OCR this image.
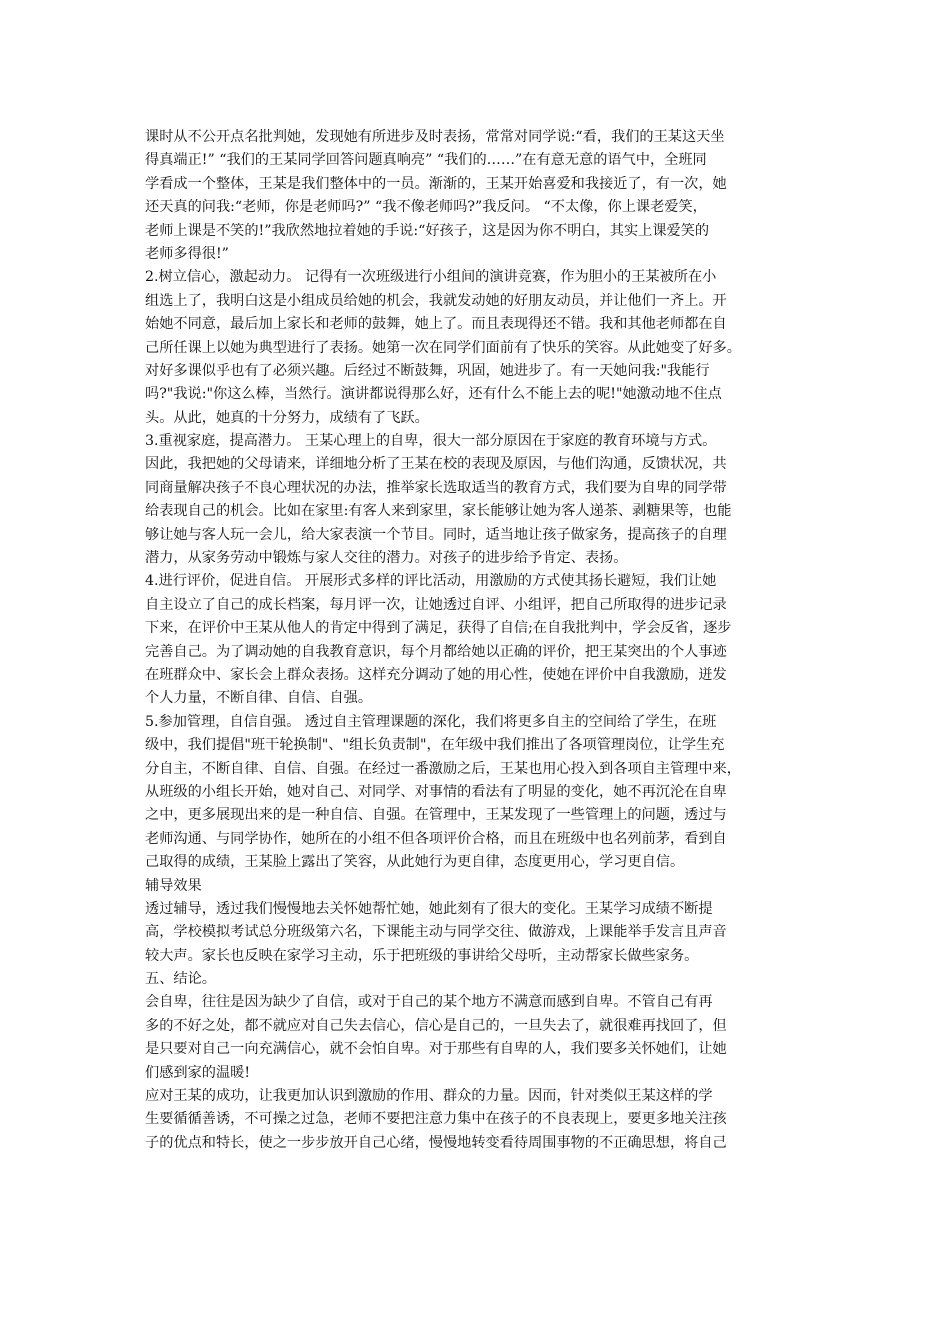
课时从不公开点名批判她，发现她有所进步及时表扬，常常对同学说:“看，我们的王某这天坐
得真端正!” “我们的王某同学回答问题真响亮” “我们的……”在有意无意的语气中，全班同
学看成一个整体，王某是我们整体中的一员。渐渐的，王某开始喜爱和我接近了，有一次，她
还天真的问我:“老师，你是老师吗?” “我不像老师吗?”我反问。 “不太像，你上课老爱笑，
老师上课是不笑的!”我欣然地拉着她的手说:“好孩子，这是因为你不明白，其实上课爱笑的
老师多得很!”
2.树立信心，激起动力。 记得有一次班级进行小组间的演讲竞赛，作为胆小的王某被所在小
组选上了，我明白这是小组成员给她的机会，我就发动她的好朋友动员，并让他们一齐上。开
始她不同意，最后加上家长和老师的鼓舞，她上了。而且表现得还不错。我和其他老师都在自
己所任课上以她为典型进行了表扬。她第一次在同学们面前有了快乐的笑容。从此她变了好多。
对好多课似乎也有了必须兴趣。后经过不断鼓舞，巩固，她进步了。有一天她问我:"我能行
吗?"我说:"你这么棒，当然行。演讲都说得那么好，还有什么不能上去的呢!"她激动地不住点
头。从此，她真的十分努力，成绩有了飞跃。
3.重视家庭，提高潜力。 王某心理上的自卑，很大一部分原因在于家庭的教育环境与方式。
因此，我把她的父母请来，详细地分析了王某在校的表现及原因，与他们沟通，反馈状况，共
同商量解决孩子不良心理状况的办法，推举家长选取适当的教育方式，我们要为自卑的同学带
给表现自己的机会。比如在家里:有客人来到家里，家长能够让她为客人递茶、剥糖果等，也能
够让她与客人玩一会儿，给大家表演一个节目。同时，适当地让孩子做家务，提高孩子的自理
潜力，从家务劳动中锻炼与家人交往的潜力。对孩子的进步给予肯定、表扬。
4.进行评价，促进自信。 开展形式多样的评比活动，用激励的方式使其扬长避短，我们让她
自主设立了自己的成长档案，每月评一次，让她透过自评、小组评，把自己所取得的进步记录
下来，在评价中王某从他人的肯定中得到了满足，获得了自信;在自我批判中，学会反省，逐步
完善自己。为了调动她的自我教育意识，每个月都给她以正确的评价，把王某突出的个人事迹
在班群众中、家长会上群众表扬。这样充分调动了她的用心性，使她在评价中自我激励，迸发
个人力量，不断自律、自信、自强。
5.参加管理，自信自强。 透过自主管理课题的深化，我们将更多自主的空间给了学生，在班
级中，我们提倡"班干轮换制"、"组长负责制"，在年级中我们推出了各项管理岗位，让学生充
分自主，不断自律、自信、自强。在经过一番激励之后，王某也用心投入到各项自主管理中来，
从班级的小组长开始，她对自己、对同学、对事情的看法有了明显的变化，她不再沉沦在自卑
之中，更多展现出来的是一种自信、自强。在管理中，王某发现了一些管理上的问题，透过与
老师沟通、与同学协作，她所在的小组不但各项评价合格，而且在班级中也名列前茅，看到自
己取得的成绩，王某脸上露出了笑容，从此她行为更自律，态度更用心，学习更自信。
辅导效果
透过辅导，透过我们慢慢地去关怀她帮忙她，她此刻有了很大的变化。王某学习成绩不断提
高，学校模拟考试总分班级第六名，下课能主动与同学交往、做游戏，上课能举手发言且声音
较大声。家长也反映在家学习主动，乐于把班级的事讲给父母听，主动帮家长做些家务。
五、结论。
会自卑，往往是因为缺少了自信，或对于自己的某个地方不满意而感到自卑。不管自己有再
多的不好之处，都不就应对自己失去信心，信心是自己的，一旦失去了，就很难再找回了，但
是只要对自己一向充满信心，就不会怕自卑。对于那些有自卑的人，我们要多关怀她们，让她
们感到家的温暖!
应对王某的成功，让我更加认识到激励的作用、群众的力量。因而，针对类似王某这样的学
生要循循善诱，不可操之过急，老师不要把注意力集中在孩子的不良表现上，要更多地关注孩
子的优点和特长，使之一步步放开自己心绪，慢慢地转变看待周围事物的不正确思想，将自己
